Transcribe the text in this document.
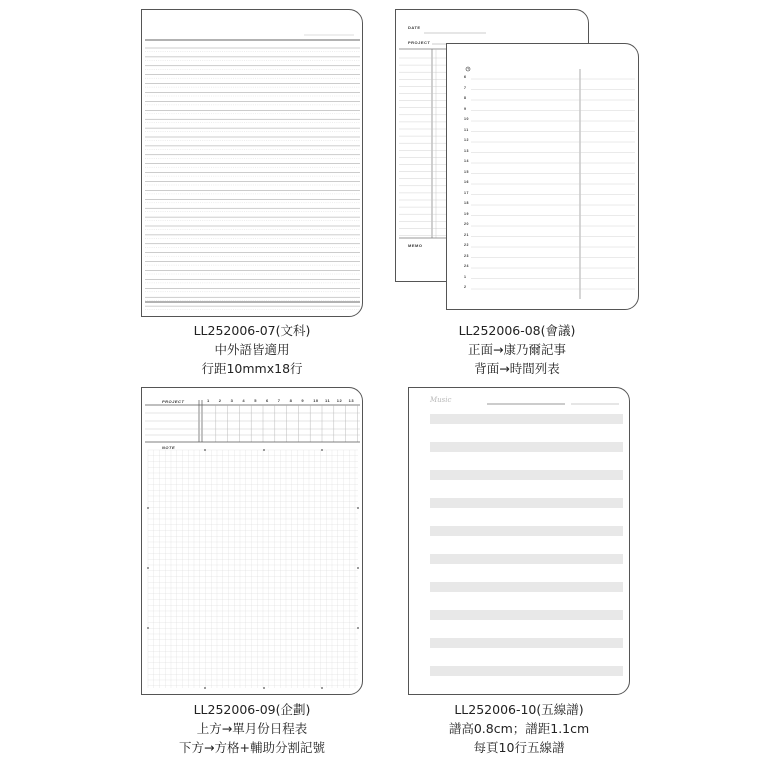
LL252006-07(文科)
中外語皆適用
行距10mmx18行
DATE
PROJECT
MEMO
6
7
8
9
10
11
12
13
14
15
16
17
18
19
20
21
22
23
24
1
2
LL252006-08(會議)
正面→康乃爾記事
背面→時間列表
PROJECT
NOTE
1 2 3 4 5 6 7 8 9 10 11 12 13
LL252006-09(企劃)
上方→單月份日程表
下方→方格+輔助分割記號
Music
LL252006-10(五線譜)
譜高0.8cm；譜距1.1cm
每頁10行五線譜
